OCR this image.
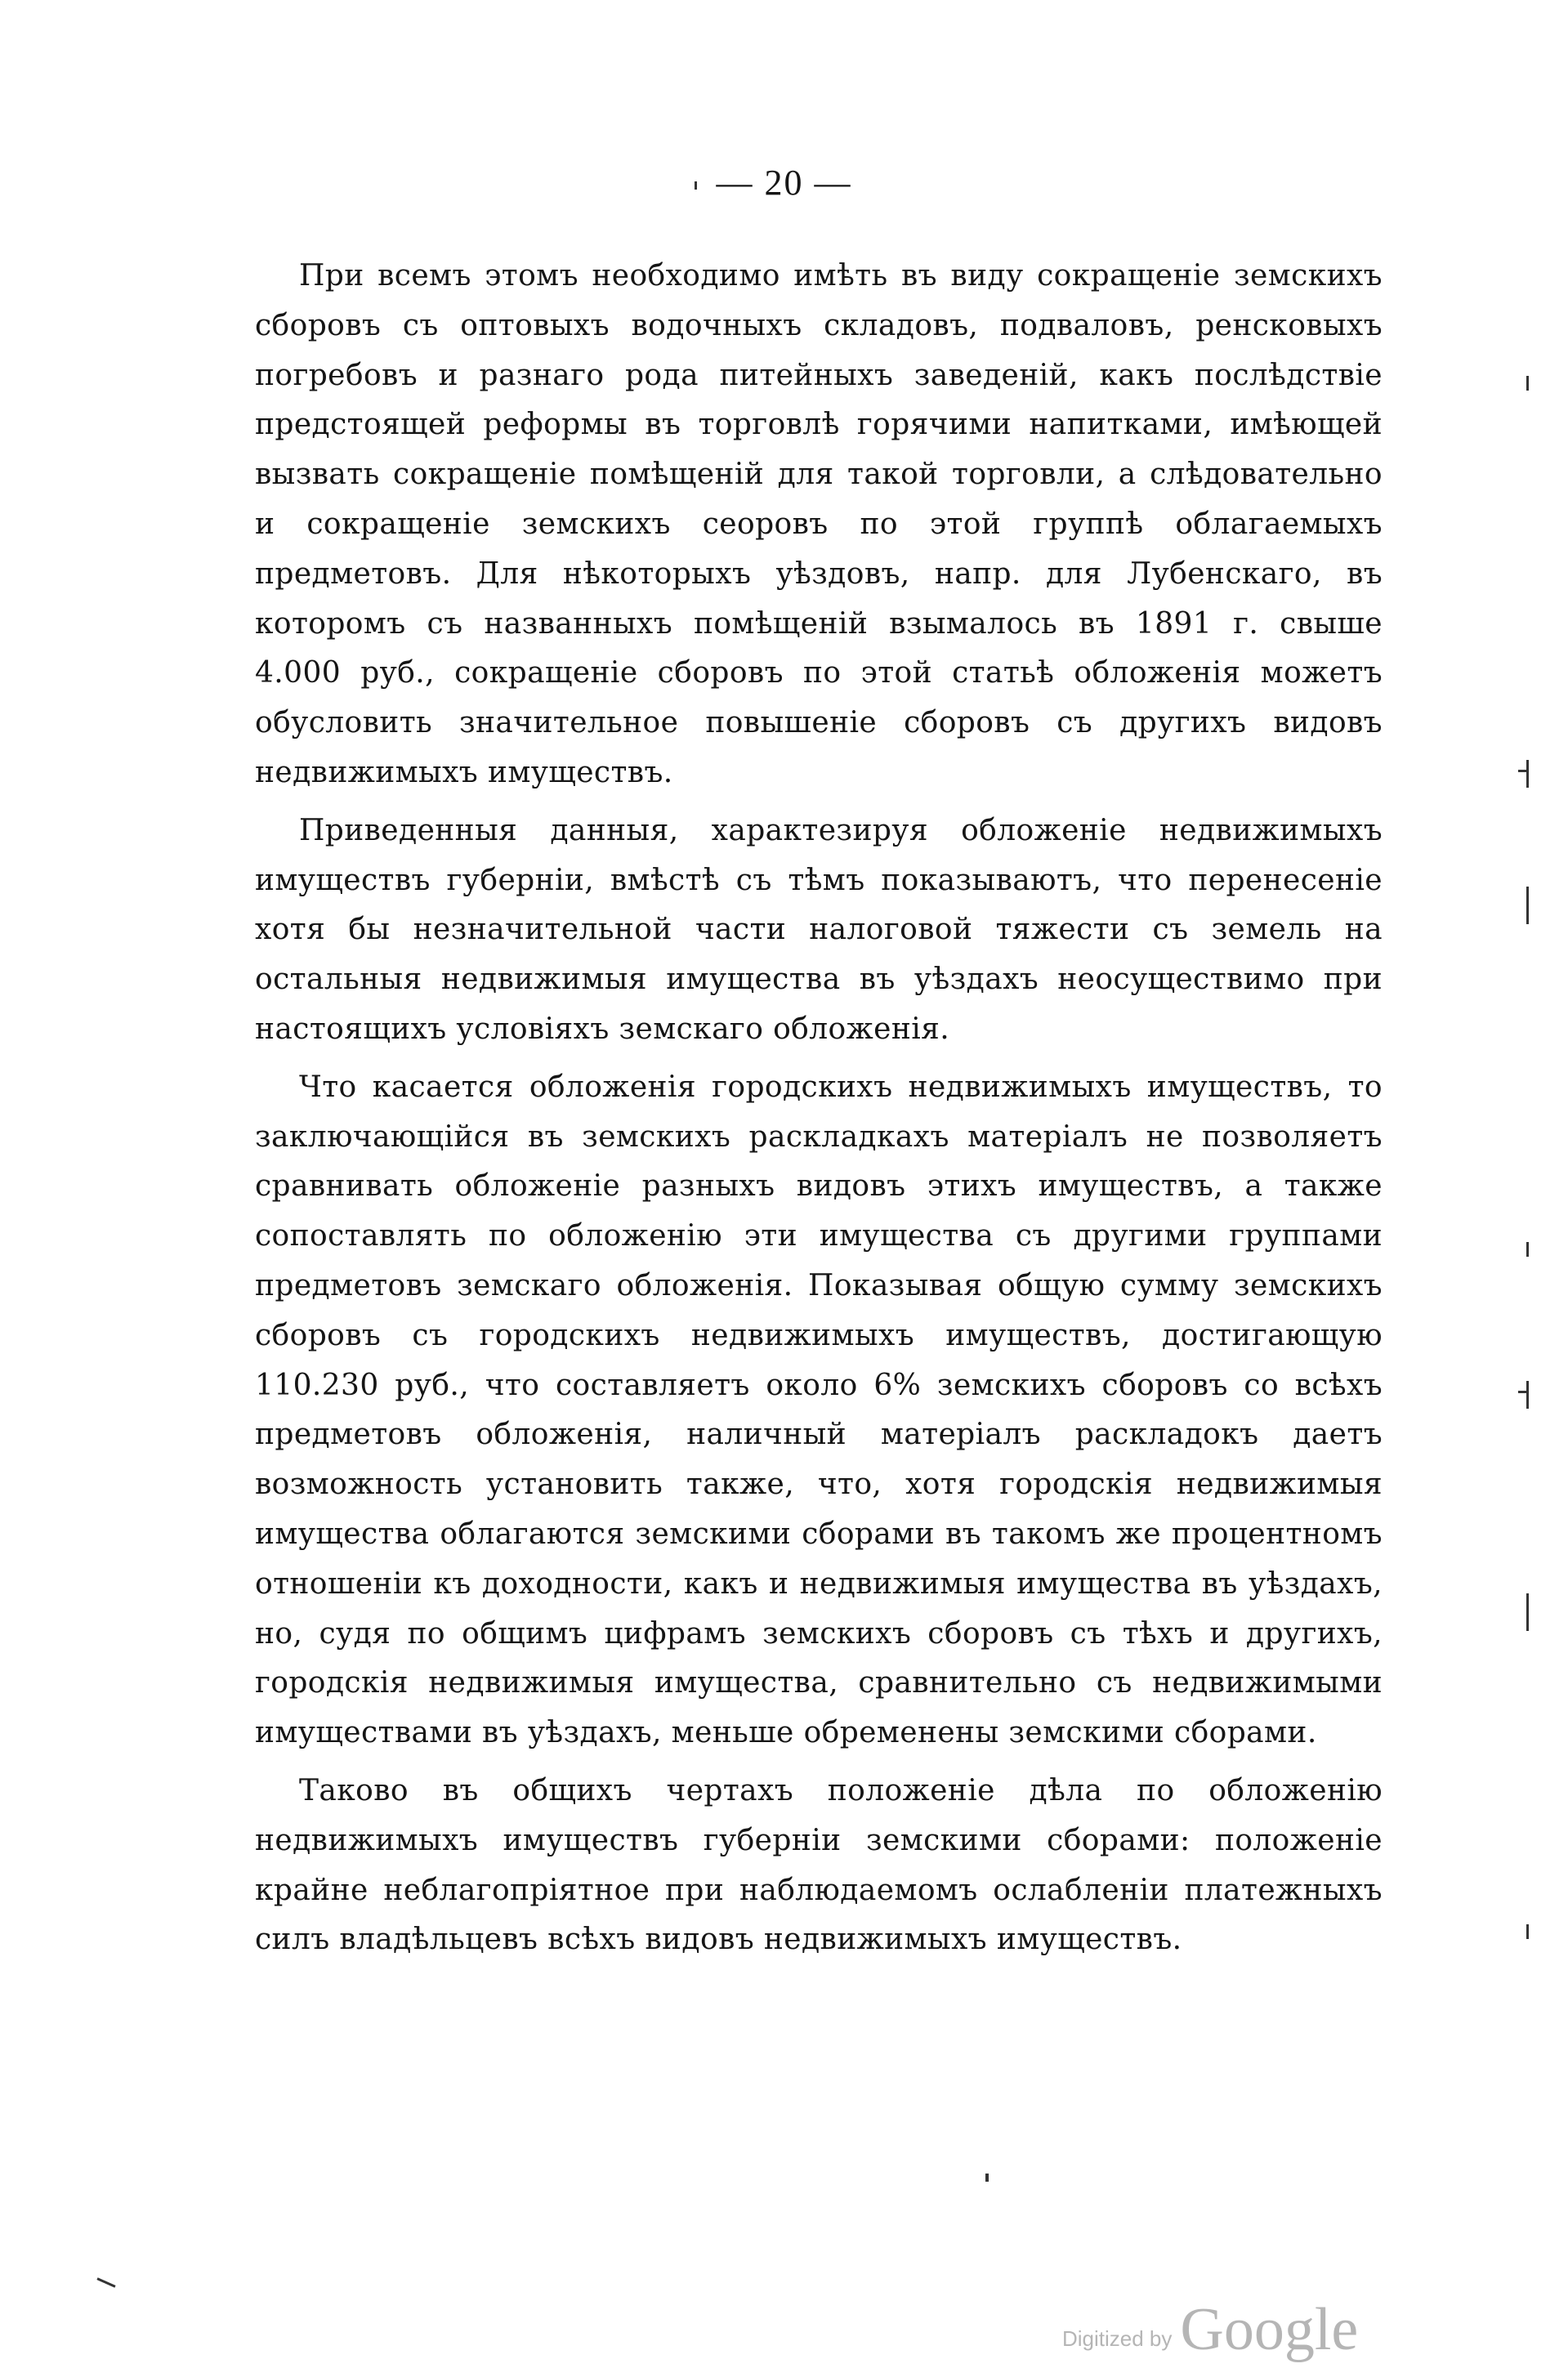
— 20 —

При всемъ этомъ необходимо имѣть въ виду сокращеніе земскихъ сборовъ съ оптовыхъ водочныхъ складовъ, подваловъ, ренсковыхъ погребовъ и разнаго рода питейныхъ заведеній, какъ послѣдствіе предстоящей реформы въ торговлѣ горячими напитками, имѣющей вызвать сокращеніе помѣщеній для такой торговли, а слѣдовательно и сокращеніе земскихъ сеоровъ по этой группѣ облагаемыхъ предметовъ. Для нѣкоторыхъ уѣздовъ, напр. для Лубенскаго, въ которомъ съ названныхъ помѣщеній взымалось въ 1891 г. свыше 4.000 руб., сокращеніе сборовъ по этой статьѣ обложенія можетъ обусловить значительное повышеніе сборовъ съ другихъ видовъ недвижимыхъ имуществъ.

Приведенныя данныя, характезируя обложеніе недвижимыхъ имуществъ губерніи, вмѣстѣ съ тѣмъ показываютъ, что перенесеніе хотя бы незначительной части налоговой тяжести съ земель на остальныя недвижимыя имущества въ уѣздахъ неосуществимо при настоящихъ условіяхъ земскаго обложенія.

Что касается обложенія городскихъ недвижимыхъ имуществъ, то заключающійся въ земскихъ раскладкахъ матеріалъ не позволяетъ сравнивать обложеніе разныхъ видовъ этихъ имуществъ, а также сопоставлять по обложенію эти имущества съ другими группами предметовъ земскаго обложенія. Показывая общую сумму земскихъ сборовъ съ городскихъ недвижимыхъ имуществъ, достигающую 110.230 руб., что составляетъ около 6% земскихъ сборовъ со всѣхъ предметовъ обложенія, наличный матеріалъ раскладокъ даетъ возможность установить также, что, хотя городскія недвижимыя имущества облагаются земскими сборами въ такомъ же процентномъ отношеніи къ доходности, какъ и недвижимыя имущества въ уѣздахъ, но, судя по общимъ цифрамъ земскихъ сборовъ съ тѣхъ и другихъ, городскія недвижимыя имущества, сравнительно съ недвижимыми имуществами въ уѣздахъ, меньше обременены земскими сборами.

Таково въ общихъ чертахъ положеніе дѣла по обложенію недвижимыхъ имуществъ губерніи земскими сборами: положеніе крайне неблагопріятное при наблюдаемомъ ослабленіи платежныхъ силъ владѣльцевъ всѣхъ видовъ недвижимыхъ имуществъ.

Digitized by Google
